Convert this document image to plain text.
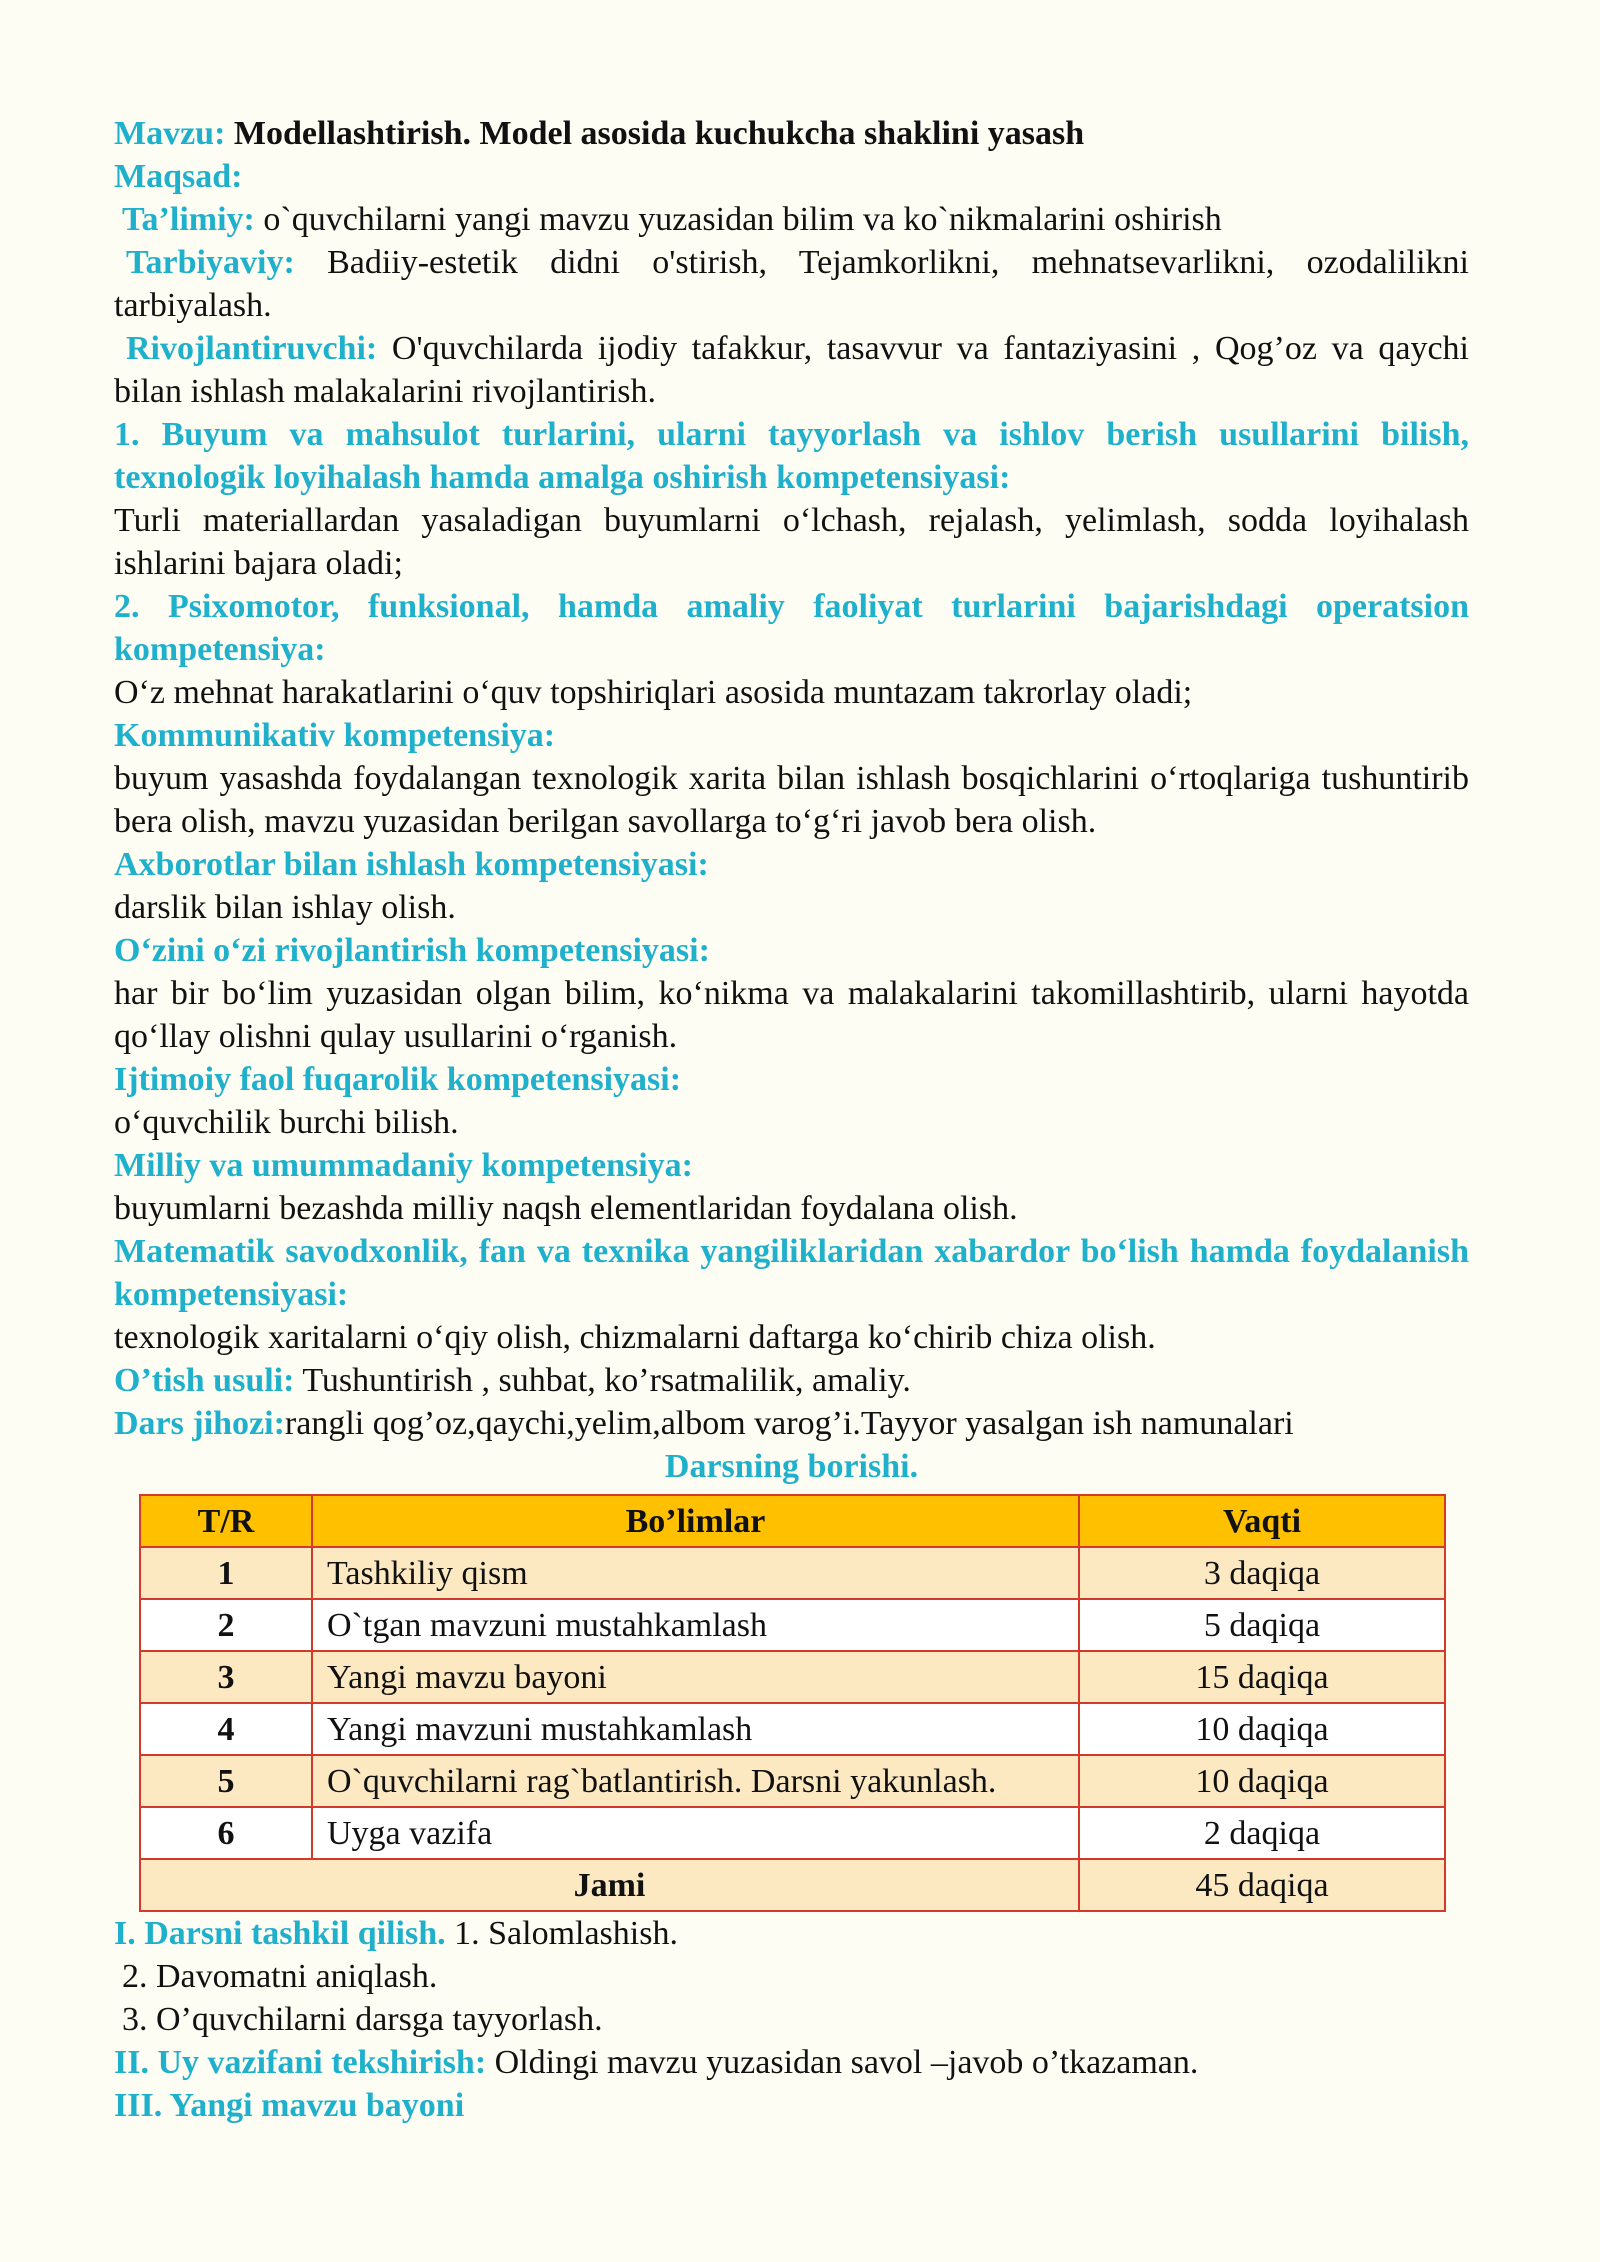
Mavzu: Modellashtirish. Model asosida kuchukcha shaklini yasash

Maqsad:

Ta’limiy: o`quvchilarni yangi mavzu yuzasidan bilim va ko`nikmalarini oshirish

Tarbiyaviy: Badiiy-estetik didni o'stirish, Tejamkorlikni, mehnatsevarlikni, ozodalilikni tarbiyalash.

Rivojlantiruvchi: O'quvchilarda ijodiy tafakkur, tasavvur va fantaziyasini , Qog’oz va qaychi bilan ishlash malakalarini rivojlantirish.

1. Buyum va mahsulot turlarini, ularni tayyorlash va ishlov berish usullarini bilish, texnologik loyihalash hamda amalga oshirish kompetensiyasi:

Turli materiallardan yasaladigan buyumlarni o‘lchash, rejalash, yelimlash, sodda loyihalash ishlarini bajara oladi;

2. Psixomotor, funksional, hamda amaliy faoliyat turlarini bajarishdagi operatsion kompetensiya:

O‘z mehnat harakatlarini o‘quv topshiriqlari asosida muntazam takrorlay oladi;

Kommunikativ kompetensiya:

buyum yasashda foydalangan texnologik xarita bilan ishlash bosqichlarini o‘rtoqlariga tushuntirib bera olish, mavzu yuzasidan berilgan savollarga to‘g‘ri javob bera olish.

Axborotlar bilan ishlash kompetensiyasi:

darslik bilan ishlay olish.

O‘zini o‘zi rivojlantirish kompetensiyasi:

har bir bo‘lim yuzasidan olgan bilim, ko‘nikma va malakalarini takomillashtirib, ularni hayotda qo‘llay olishni qulay usullarini o‘rganish.

Ijtimoiy faol fuqarolik kompetensiyasi:

o‘quvchilik burchi bilish.

Milliy va umummadaniy kompetensiya:

buyumlarni bezashda milliy naqsh elementlaridan foydalana olish.

Matematik savodxonlik, fan va texnika yangiliklaridan xabardor bo‘lish hamda foydalanish kompetensiyasi:

texnologik xaritalarni o‘qiy olish, chizmalarni daftarga ko‘chirib chiza olish.

O’tish usuli: Tushuntirish , suhbat, ko’rsatmalilik, amaliy.

Dars jihozi:rangli qog’oz,qaychi,yelim,albom varog’i.Tayyor yasalgan ish namunalari

Darsning borishi.

T/R	Bo’limlar	Vaqti
1	Tashkiliy qism	3 daqiqa
2	O`tgan mavzuni mustahkamlash	5 daqiqa
3	Yangi mavzu bayoni	15 daqiqa
4	Yangi mavzuni mustahkamlash	10 daqiqa
5	O`quvchilarni rag`batlantirish. Darsni yakunlash.	10 daqiqa
6	Uyga vazifa	2 daqiqa
Jami		45 daqiqa

I. Darsni tashkil qilish. 1. Salomlashish.

2. Davomatni aniqlash.

3. O’quvchilarni darsga tayyorlash.

II. Uy vazifani tekshirish: Oldingi mavzu yuzasidan savol –javob o’tkazaman.

III. Yangi mavzu bayoni
